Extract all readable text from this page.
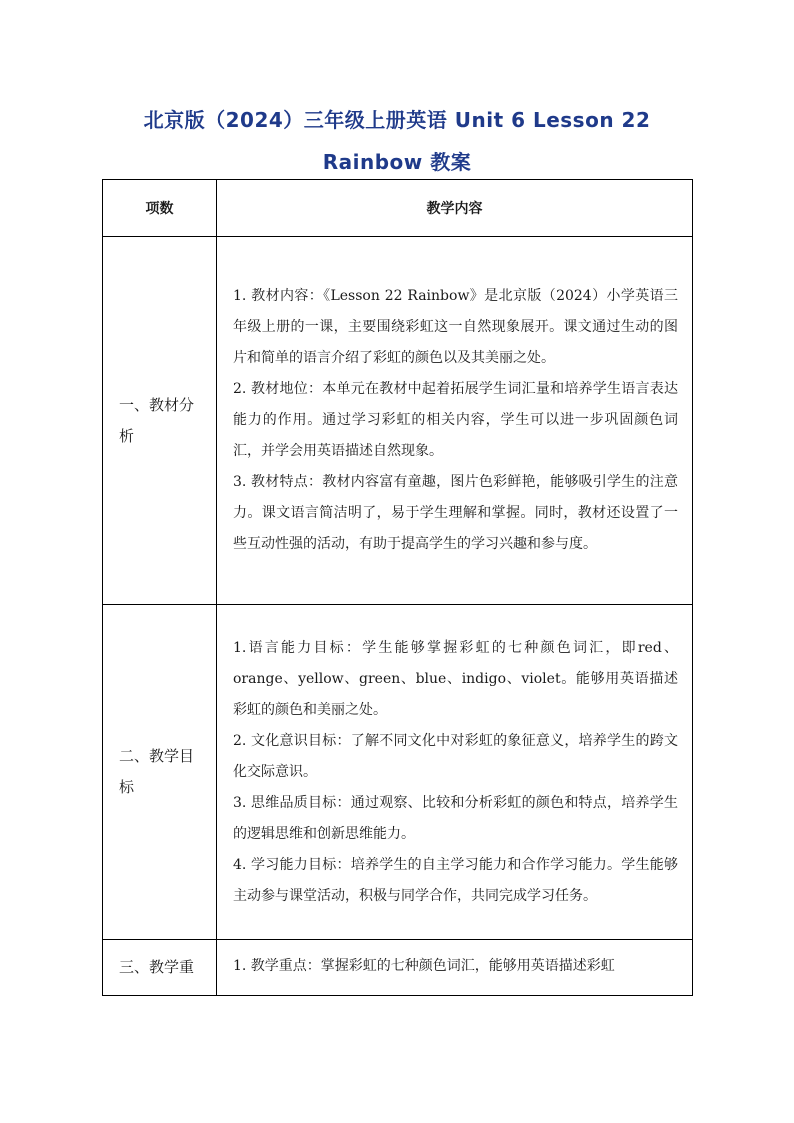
北京版（2024）三年级上册英语 Unit 6 Lesson 22
Rainbow 教案
项数	教学内容
一、教材分析	1. 教材内容：《Lesson 22 Rainbow》是北京版（2024）小学英语三年级上册的一课，主要围绕彩虹这一自然现象展开。课文通过生动的图片和简单的语言介绍了彩虹的颜色以及其美丽之处。

2. 教材地位：本单元在教材中起着拓展学生词汇量和培养学生语言表达能力的作用。通过学习彩虹的相关内容，学生可以进一步巩固颜色词汇，并学会用英语描述自然现象。

3. 教材特点：教材内容富有童趣，图片色彩鲜艳，能够吸引学生的注意力。课文语言简洁明了，易于学生理解和掌握。同时，教材还设置了一些互动性强的活动，有助于提高学生的学习兴趣和参与度。

二、教学目标	1.语言能力目标：学生能够掌握彩虹的七种颜色词汇，即red、orange、yellow、green、blue、indigo、violet。能够用英语描述彩虹的颜色和美丽之处。

2. 文化意识目标：了解不同文化中对彩虹的象征意义，培养学生的跨文化交际意识。

3. 思维品质目标：通过观察、比较和分析彩虹的颜色和特点，培养学生的逻辑思维和创新思维能力。

4. 学习能力目标：培养学生的自主学习能力和合作学习能力。学生能够主动参与课堂活动，积极与同学合作，共同完成学习任务。

三、教学重	1. 教学重点：掌握彩虹的七种颜色词汇，能够用英语描述彩虹
